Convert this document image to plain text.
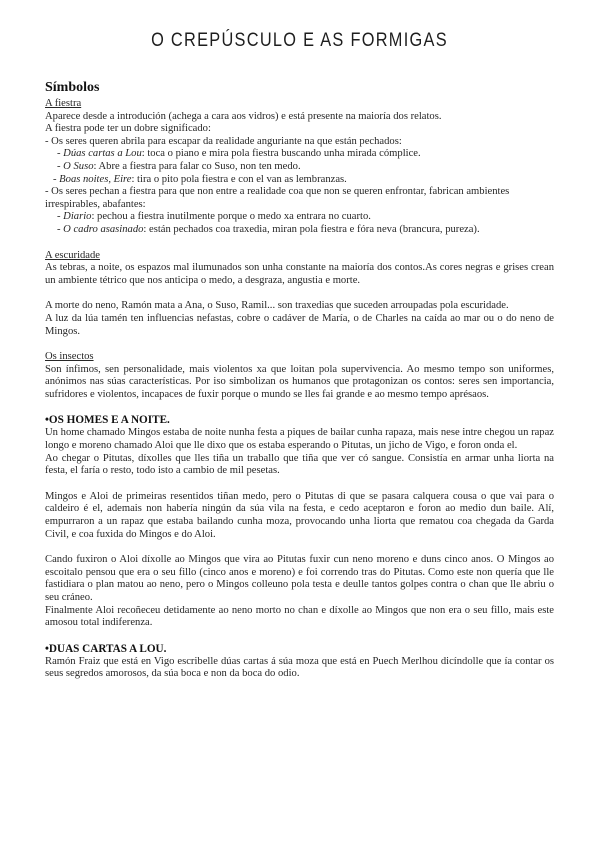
O CREPÚSCULO E AS FORMIGAS
Símbolos
A fiestra

Aparece desde a introdución (achega a cara aos vidros) e está presente na maioría dos relatos.

A fiestra pode ter un dobre significado:

- Os seres queren abrila para escapar da realidade anguriante na que están pechados:

- Dúas cartas a Lou: toca o piano e mira pola fiestra buscando unha mirada cómplice.

- O Suso: Abre a fiestra para falar co Suso, non ten medo.

- Boas noites, Eire: tira o pito pola fiestra e con el van as lembranzas.

- Os seres pechan a fiestra para que non entre a realidade coa que non se queren enfrontar, fabrican ambientes irrespirables, abafantes:

- Diario: pechou a fiestra inutilmente porque o medo xa entrara no cuarto.

- O cadro asasinado: están pechados coa traxedia, miran pola fiestra e fóra neva (brancura, pureza).

A escuridade

As tebras, a noite, os espazos mal ilumunados son unha constante na maioría dos contos.As cores negras e grises crean un ambiente tétrico que nos anticipa o medo, a desgraza, angustia e morte.

A morte do neno, Ramón mata a Ana, o Suso, Ramil... son traxedias que suceden arroupadas pola escuridade.

A luz da lúa tamén ten influencias nefastas, cobre o cadáver de María, o de Charles na caída ao mar ou o do neno de Mingos.

Os insectos

Son ínfimos, sen personalidade, mais violentos xa que loitan pola supervivencia. Ao mesmo tempo son uniformes, anónimos nas súas características. Por iso simbolizan os humanos que protagonizan os contos: seres sen importancia, sufridores e violentos, incapaces de fuxir porque o mundo se lles fai grande e ao mesmo tempo aprésaos.

•OS HOMES E A NOITE.

Un home chamado Mingos estaba de noite nunha festa a piques de bailar cunha rapaza, mais nese intre chegou un rapaz longo e moreno chamado Aloi que lle dixo que os estaba esperando o Pitutas, un jicho de Vigo, e foron onda el.

Ao chegar o Pitutas, díxolles que lles tiña un traballo que tiña que ver có sangue. Consistía en armar unha liorta na festa, el faría o resto, todo isto a cambio de mil pesetas.

Mingos e Aloi de primeiras resentidos tiñan medo, pero o Pitutas di que se pasara calquera cousa o que vai para o caldeiro é el, ademais non habería ningún da súa vila na festa, e cedo aceptaron e foron ao medio dun baile. Alí, empurraron a un rapaz que estaba bailando cunha moza, provocando unha liorta que rematou coa chegada da Garda Civil, e coa fuxida do Mingos e do Aloi.

Cando fuxiron o Aloi díxolle ao Mingos que vira ao Pitutas fuxir cun neno moreno e duns cinco anos. O Mingos ao escoitalo pensou que era o seu fillo (cinco anos e moreno) e foi correndo tras do Pitutas. Como este non quería que lle fastidiara o plan matou ao neno, pero o Mingos colleuno pola testa e deulle tantos golpes contra o chan que lle abriu o seu cráneo.

Finalmente Aloi recoñeceu detidamente ao neno morto no chan e díxolle ao Mingos que non era o seu fillo, mais este amosou total indiferenza.

•DUAS CARTAS A LOU.

Ramón Fraiz que está en Vigo escribelle dúas cartas á súa moza que está en Puech Merlhou dicíndolle que ía contar os seus segredos amorosos, da súa boca e non da boca do odio.
